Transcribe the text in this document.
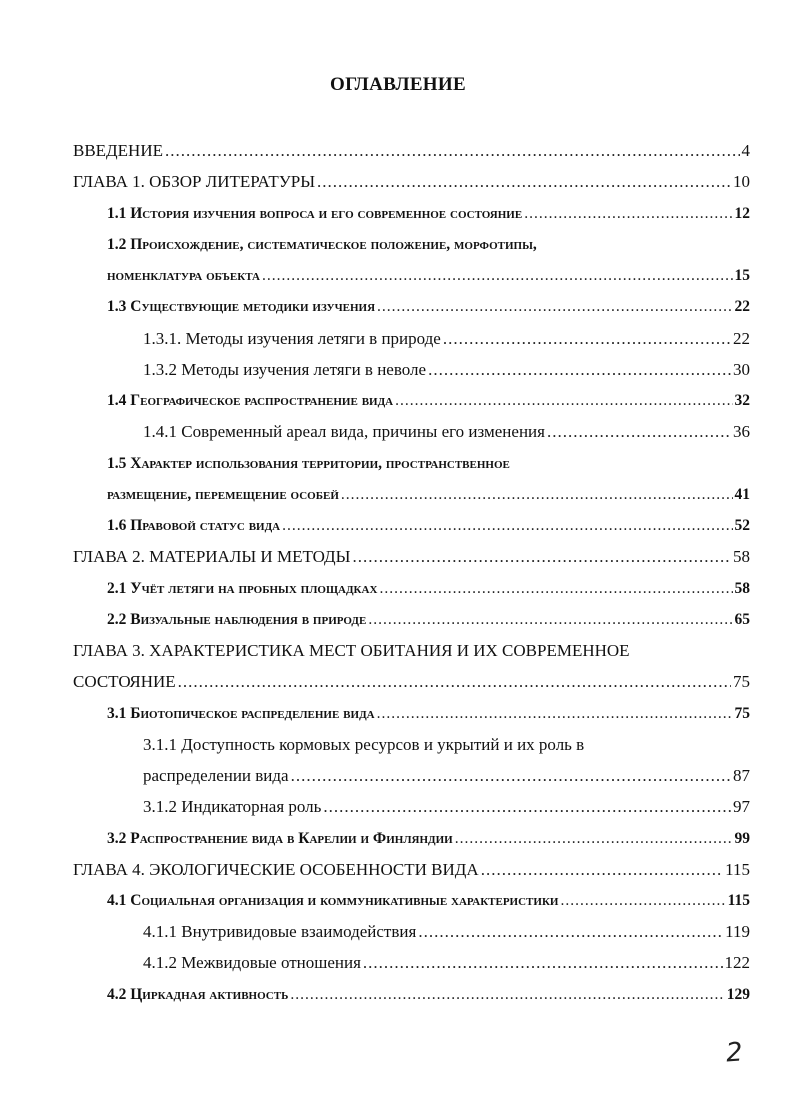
ОГЛАВЛЕНИЕ
ВВЕДЕНИЕ .....	4
ГЛАВА 1. ОБЗОР ЛИТЕРАТУРЫ .....	10
1.1 История изучения вопроса и его современное состояние .....	12
1.2 Происхождение, систематическое положение, морфотипы,
номенклатура объекта .....	15
1.3 Существующие методики изучения .....	22
1.3.1. Методы изучения летяги в природе .....	22
1.3.2 Методы изучения летяги в неволе .....	30
1.4 Географическое распространение вида .....	32
1.4.1 Современный ареал вида, причины его изменения .....	36
1.5 Характер использования территории, пространственное
размещение, перемещение особей .....	41
1.6 Правовой статус вида .....	52
ГЛАВА 2. МАТЕРИАЛЫ И МЕТОДЫ .....	58
2.1 Учёт летяги на пробных площадках .....	58
2.2 Визуальные наблюдения в природе .....	65
ГЛАВА 3. ХАРАКТЕРИСТИКА МЕСТ ОБИТАНИЯ И ИХ СОВРЕМЕННОЕ
СОСТОЯНИЕ .....	75
3.1 Биотопическое распределение вида .....	75
3.1.1 Доступность кормовых ресурсов и укрытий и их роль в
распределении вида .....	87
3.1.2 Индикаторная роль .....	97
3.2 Распространение вида в Карелии и Финляндии .....	99
ГЛАВА 4. ЭКОЛОГИЧЕСКИЕ ОСОБЕННОСТИ ВИДА .....	115
4.1 Социальная организация и коммуникативные характеристики .....	115
4.1.1 Внутривидовые взаимодействия .....	119
4.1.2 Межвидовые отношения .....	122
4.2 Циркадная активность .....	129
2
